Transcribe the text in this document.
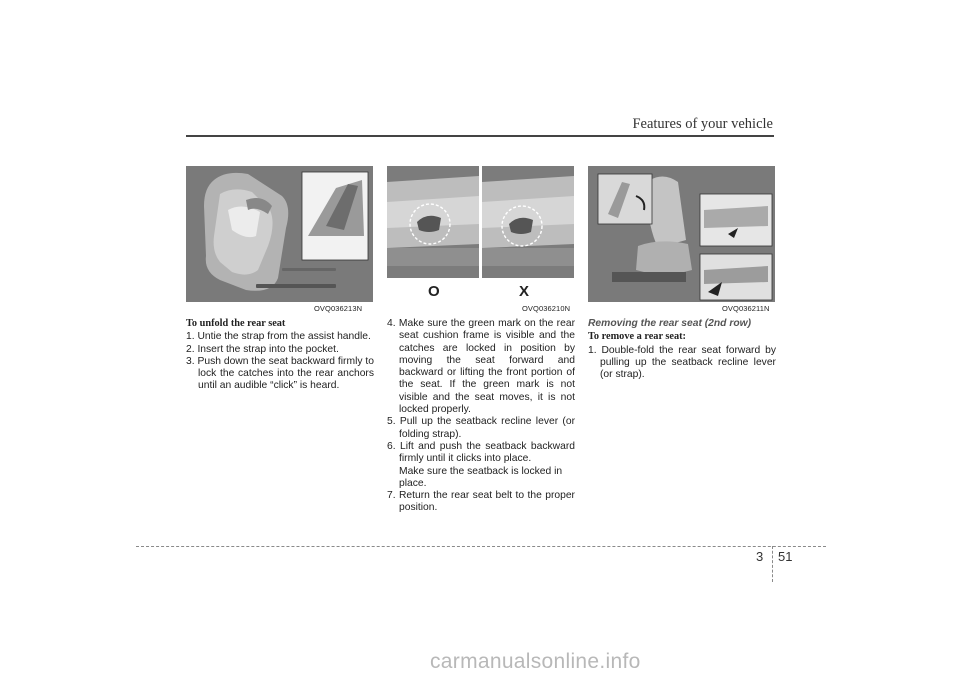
Features of your vehicle
OVQ036213N
O	X
OVQ036210N	OVQ036211N
To unfold the rear seat
1. Untie the strap from the assist handle.
2. Insert the strap into the pocket.
3. Push down the seat backward firmly to lock the catches into the rear anchors until an audible “click” is heard.
4. Make sure the green mark on the rear seat cushion frame is visible and the catches are locked in position by moving the seat forward and backward or lifting the front portion of the seat. If the green mark is not visible and the seat moves, it is not locked properly.
5. Pull up the seatback recline lever (or folding strap).
6. Lift and push the seatback backward firmly until it clicks into place.
Make sure the seatback is locked in place.
7. Return the rear seat belt to the proper position.
Removing the rear seat (2nd row)
To remove a rear seat:
1. Double-fold the rear seat forward by pulling up the seatback recline lever (or strap).
3 51
carmanualsonline.info
